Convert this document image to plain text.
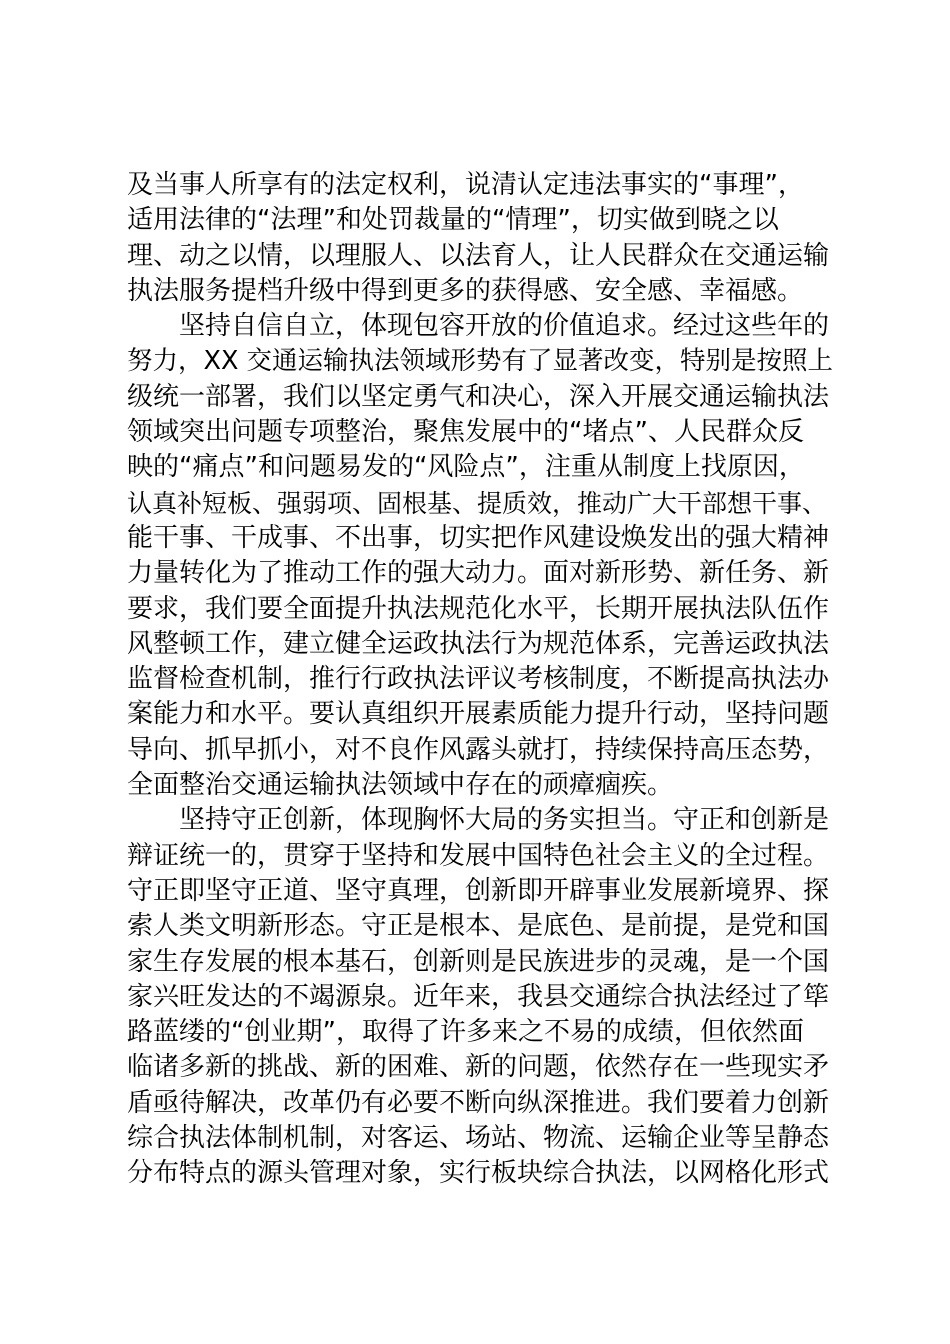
及当事人所享有的法定权利，说清认定违法事实的“事理”，
适用法律的“法理”和处罚裁量的“情理”，切实做到晓之以
理、动之以情，以理服人、以法育人，让人民群众在交通运输
执法服务提档升级中得到更多的获得感、安全感、幸福感。
坚持自信自立，体现包容开放的价值追求。经过这些年的
努力，XX 交通运输执法领域形势有了显著改变，特别是按照上
级统一部署，我们以坚定勇气和决心，深入开展交通运输执法
领域突出问题专项整治，聚焦发展中的“堵点”、人民群众反
映的“痛点”和问题易发的“风险点”，注重从制度上找原因，
认真补短板、强弱项、固根基、提质效，推动广大干部想干事、
能干事、干成事、不出事，切实把作风建设焕发出的强大精神
力量转化为了推动工作的强大动力。面对新形势、新任务、新
要求，我们要全面提升执法规范化水平，长期开展执法队伍作
风整顿工作，建立健全运政执法行为规范体系，完善运政执法
监督检查机制，推行行政执法评议考核制度，不断提高执法办
案能力和水平。要认真组织开展素质能力提升行动，坚持问题
导向、抓早抓小，对不良作风露头就打，持续保持高压态势，
全面整治交通运输执法领域中存在的顽瘴痼疾。
坚持守正创新，体现胸怀大局的务实担当。守正和创新是
辩证统一的，贯穿于坚持和发展中国特色社会主义的全过程。
守正即坚守正道、坚守真理，创新即开辟事业发展新境界、探
索人类文明新形态。守正是根本、是底色、是前提，是党和国
家生存发展的根本基石，创新则是民族进步的灵魂，是一个国
家兴旺发达的不竭源泉。近年来，我县交通综合执法经过了筚
路蓝缕的“创业期”，取得了许多来之不易的成绩，但依然面
临诸多新的挑战、新的困难、新的问题，依然存在一些现实矛
盾亟待解决，改革仍有必要不断向纵深推进。我们要着力创新
综合执法体制机制，对客运、场站、物流、运输企业等呈静态
分布特点的源头管理对象，实行板块综合执法，以网格化形式
